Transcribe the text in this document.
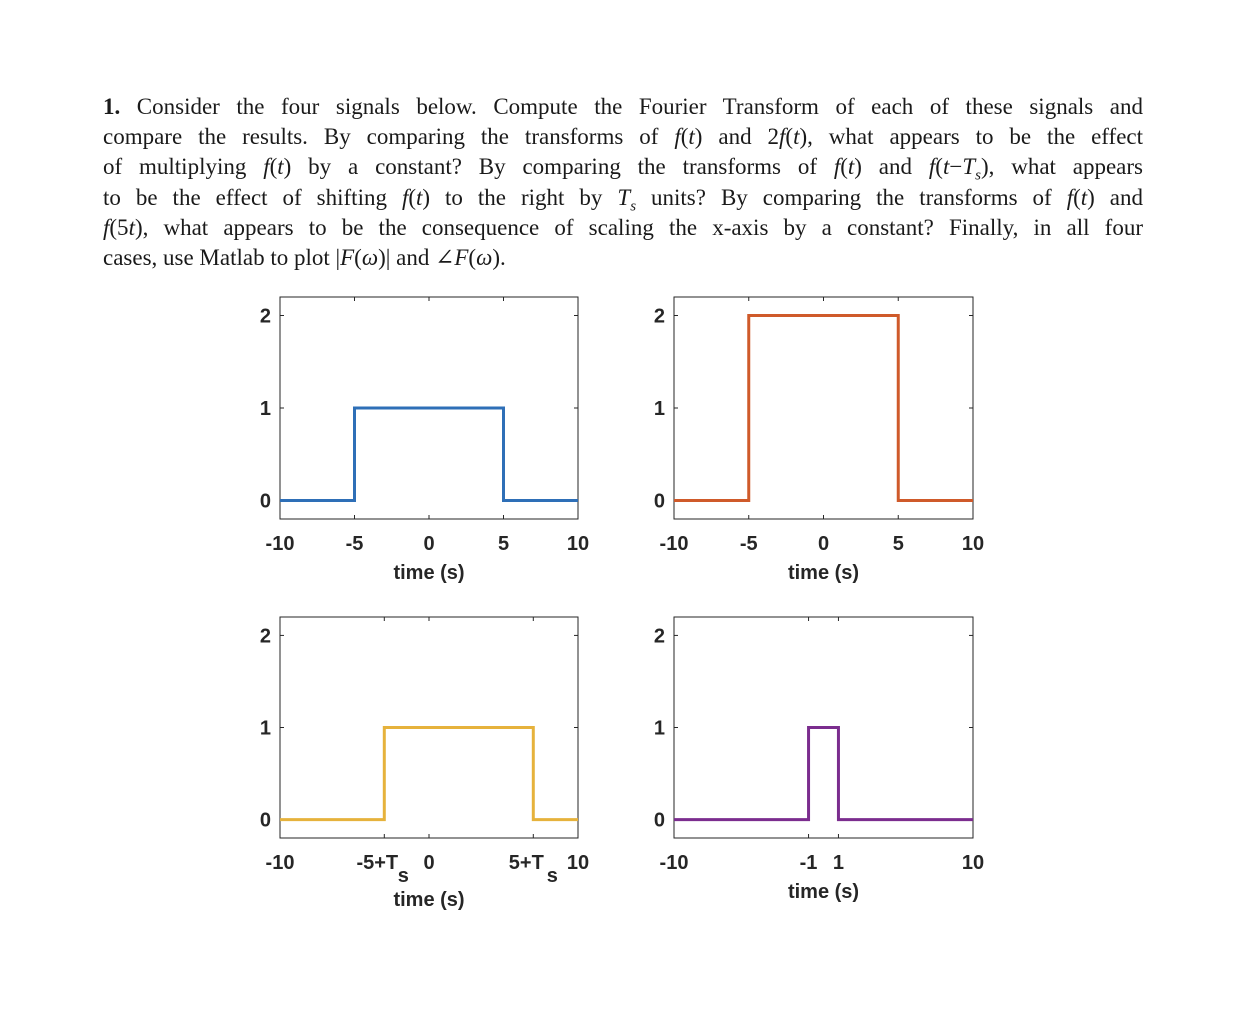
1. Consider the four signals below. Compute the Fourier Transform of each of these signals and
compare the results. By comparing the transforms of f(t) and 2f(t), what appears to be the effect
of multiplying f(t) by a constant? By comparing the transforms of f(t) and $f(t-T_s)$, what appears
to be the effect of shifting f(t) to the right by $T_s$ units? By comparing the transforms of f(t) and
f(5t), what appears to be the consequence of scaling the x-axis by a constant? Finally, in all four
cases, use Matlab to plot |F(ω)| and ∠F(ω).
-10	-5	0	5	10
0
1
2
time (s)
-10	-5	0	5	10
0
1
2
time (s)
-10	-5+T
s
0	5+T
s
10
0
1
2
time (s)
-10	-1 1	10
0
1
2
time (s)
